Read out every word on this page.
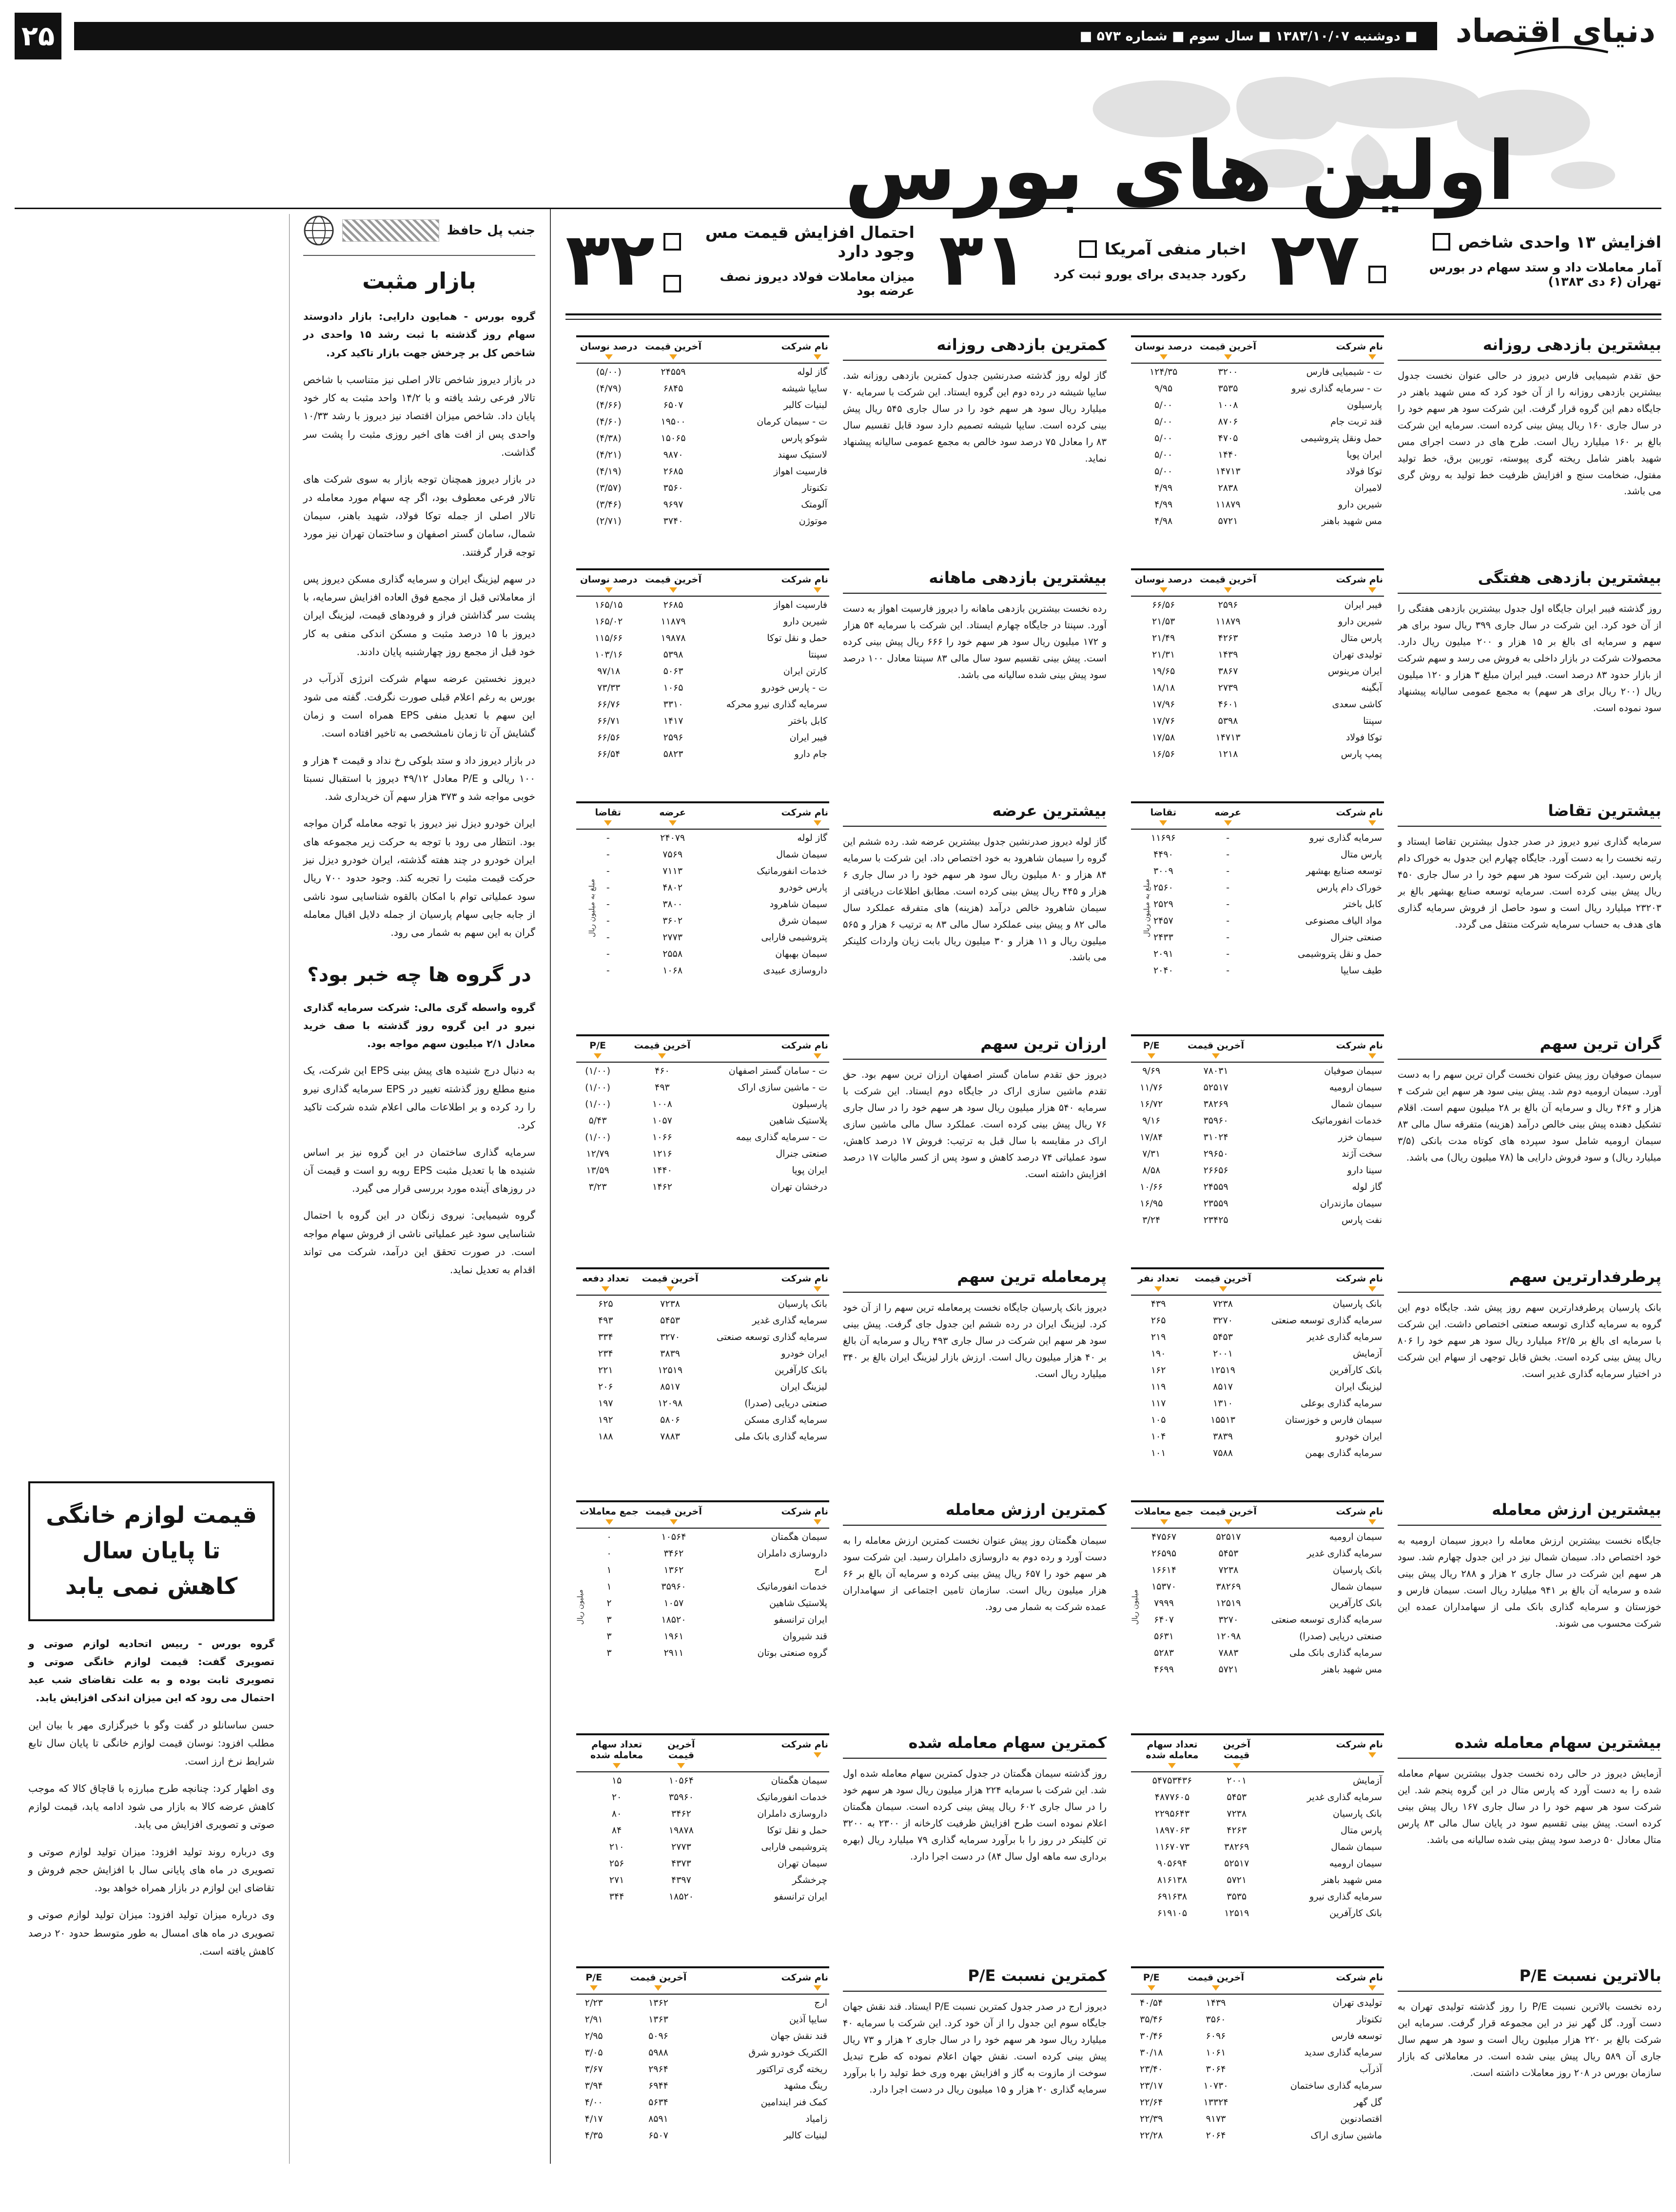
دنیای اقتصاد
■ دوشنبه ۱۳۸۳/۱۰/۰۷ ■ سال سوم ■ شماره ۵۷۳ ■
۲۵
اولین های بورس
افزایش ۱۳ واحدی شاخص
آمار معاملات داد و ستد سهام در بورس تهران (۶ دی ۱۳۸۳)
۲۷
اخبار منفی آمریکا
رکورد جدیدی برای یورو ثبت کرد
۳۱
احتمال افزایش قیمت مس وجود دارد
میزان معاملات فولاد دیروز نصف عرضه بود
۳۲
بیشترین بازدهی روزانه
حق تقدم شیمیایی فارس دیروز در حالی عنوان نخست جدول بیشترین بازدهی روزانه را از آن خود کرد که مس شهید باهنر در جایگاه دهم این گروه قرار گرفت. این شرکت سود هر سهم خود را در سال جاری ۱۶۰ ریال پیش بینی کرده است. سرمایه این شرکت بالغ بر ۱۶۰ میلیارد ریال است. طرح های در دست اجرای مس شهید باهنر شامل ریخته گری پیوسته، توربین برق، خط تولید مفتول، ضخامت سنج و افزایش ظرفیت خط تولید به روش گری می باشد.
نام شرکت	آخرین قیمت	درصد نوسان

ت - شیمیایی فارس	۳۲۰۰	۱۲۴/۳۵
ت - سرمایه گذاری نیرو	۳۵۳۵	۹/۹۵
پارسیلون	۱۰۰۸	۵/۰۰
قند تربت جام	۸۷۰۶	۵/۰۰
حمل ونقل پتروشیمی	۴۷۰۵	۵/۰۰
ایران پویا	۱۴۴۰	۵/۰۰
توکا فولاد	۱۴۷۱۳	۵/۰۰
لامیران	۲۸۳۸	۴/۹۹
شیرین دارو	۱۱۸۷۹	۴/۹۹
مس شهید باهنر	۵۷۲۱	۴/۹۸
کمترین بازدهی روزانه
گاز لوله روز گذشته صدرنشین جدول کمترین بازدهی روزانه شد. سایپا شیشه در رده دوم این گروه ایستاد. این شرکت با سرمایه ۷۰ میلیارد ریال سود هر سهم خود را در سال جاری ۵۴۵ ریال پیش بینی کرده است. سایپا شیشه تصمیم دارد سود قابل تقسیم سال ۸۳ را معادل ۷۵ درصد سود خالص به مجمع عمومی سالیانه پیشنهاد نماید.
نام شرکت	آخرین قیمت	درصد نوسان

گاز لوله	۲۴۵۵۹	(۵/۰۰)
سایپا شیشه	۶۸۴۵	(۴/۷۹)
لبنیات کالبر	۶۵۰۷	(۴/۶۶)
ت - سیمان کرمان	۱۹۵۰۰	(۴/۶۰)
شوکو پارس	۱۵۰۶۵	(۴/۳۸)
لاستیک سهند	۹۸۷۰	(۴/۲۱)
فارسیت اهواز	۲۶۸۵	(۴/۱۹)
تکنوتار	۳۵۶۰	(۳/۵۷)
آلومتک	۹۶۹۷	(۳/۴۶)
موتوژن	۳۷۴۰	(۲/۷۱)
بیشترین بازدهی هفتگی
روز گذشته فیبر ایران جایگاه اول جدول بیشترین بازدهی هفتگی را از آن خود کرد. این شرکت در سال جاری ۳۹۹ ریال سود برای هر سهم و سرمایه ای بالغ بر ۱۵ هزار و ۲۰۰ میلیون ریال دارد. محصولات شرکت در بازار داخلی به فروش می رسد و سهم شرکت از بازار حدود ۸۳ درصد است. فیبر ایران مبلغ ۳ هزار و ۱۲۰ میلیون ریال (۲۰۰ ریال برای هر سهم) به مجمع عمومی سالیانه پیشنهاد سود نموده است.
نام شرکت	آخرین قیمت	درصد نوسان

فیبر ایران	۲۵۹۶	۶۶/۵۶
شیرین دارو	۱۱۸۷۹	۲۱/۵۳
پارس متال	۴۲۶۳	۲۱/۴۹
تولیدی تهران	۱۴۳۹	۲۱/۳۱
ایران مرینوس	۳۸۶۷	۱۹/۶۵
آبگینه	۲۷۳۹	۱۸/۱۸
کاشی سعدی	۴۶۰۱	۱۷/۹۶
سپنتا	۵۳۹۸	۱۷/۷۶
توکا فولاد	۱۴۷۱۳	۱۷/۵۸
پمپ پارس	۱۲۱۸	۱۶/۵۶
بیشترین بازدهی ماهانه
رده نخست بیشترین بازدهی ماهانه را دیروز فارسیت اهواز به دست آورد. سپنتا در جایگاه چهارم ایستاد. این شرکت با سرمایه ۵۴ هزار و ۱۷۲ میلیون ریال سود هر سهم خود را ۶۶۶ ریال پیش بینی کرده است. پیش بینی تقسیم سود سال مالی ۸۳ سپنتا معادل ۱۰۰ درصد سود پیش بینی شده سالیانه می باشد.
نام شرکت	آخرین قیمت	درصد نوسان

فارسیت اهواز	۲۶۸۵	۱۶۵/۱۵
شیرین دارو	۱۱۸۷۹	۱۶۵/۰۲
حمل و نقل توکا	۱۹۸۷۸	۱۱۵/۶۶
سپنتا	۵۳۹۸	۱۰۳/۱۶
کارتن ایران	۵۰۶۳	۹۷/۱۸
ت - پارس خودرو	۱۰۶۵	۷۳/۳۳
سرمایه گذاری نیرو محرکه	۳۳۱۰	۶۶/۷۶
کابل باختر	۱۴۱۷	۶۶/۷۱
فیبر ایران	۲۵۹۶	۶۶/۵۶
جام دارو	۵۸۲۳	۶۶/۵۴
بیشترین تقاضا
سرمایه گذاری نیرو دیروز در صدر جدول بیشترین تقاضا ایستاد و رتبه نخست را به دست آورد. جایگاه چهارم این جدول به خوراک دام پارس رسید. این شرکت سود هر سهم خود را در سال جاری ۴۵۰ ریال پیش بینی کرده است. سرمایه توسعه صنایع بهشهر بالغ بر ۲۳۲۰۳ میلیارد ریال است و سود حاصل از فروش سرمایه گذاری های هدف به حساب سرمایه شرکت منتقل می گردد.
نام شرکت	عرضه	تقاضا

سرمایه گذاری نیرو	-	۱۱۶۹۶
پارس متال	-	۴۴۹۰
توسعه صنایع بهشهر	-	۳۰۰۹
خوراک دام پارس	-	۲۵۶۰
کابل باختر	-	۲۵۲۹
مواد الیاف مصنوعی	-	۲۴۵۷
صنعتی جنرال	-	۲۴۳۳
حمل و نقل پتروشیمی	-	۲۰۹۱
طیف سایپا	-	۲۰۴۰
مبلغ به میلیون ریال
بیشترین عرضه
گاز لوله دیروز صدرنشین جدول بیشترین عرضه شد. رده ششم این گروه را سیمان شاهرود به خود اختصاص داد. این شرکت با سرمایه ۸۴ هزار و ۸۰ میلیون ریال سود هر سهم خود را در سال جاری ۶ هزار و ۴۴۵ ریال پیش بینی کرده است. مطابق اطلاعات دریافتی از سیمان شاهرود خالص درآمد (هزینه) های متفرقه عملکرد سال مالی ۸۲ و پیش بینی عملکرد سال مالی ۸۳ به ترتیب ۶ هزار و ۵۶۵ میلیون ریال و ۱۱ هزار و ۳۰ میلیون ریال بابت زیان واردات کلینکر می باشد.
نام شرکت	عرضه	تقاضا

گاز لوله	۲۴۰۷۹	-
سیمان شمال	۷۵۶۹	-
خدمات انفورماتیک	۷۱۱۳	-
پارس خودرو	۴۸۰۲	-
سیمان شاهرود	۳۸۰۰	-
سیمان شرق	۳۶۰۲	-
پتروشیمی فارابی	۲۷۷۳	-
سیمان بهبهان	۲۵۵۸	-
داروسازی عبیدی	۱۰۶۸	-
مبلغ به میلیون ریال
گران ترین سهم
سیمان صوفیان روز پیش عنوان نخست گران ترین سهم را به دست آورد. سیمان ارومیه دوم شد. پیش بینی سود هر سهم این شرکت ۴ هزار و ۴۶۴ ریال و سرمایه آن بالغ بر ۲۸ میلیون سهم است. اقلام تشکیل دهنده پیش بینی خالص درآمد (هزینه) متفرقه سال مالی ۸۳ سیمان ارومیه شامل سود سپرده های کوتاه مدت بانکی (۳/۵ میلیارد ریال) و سود فروش دارایی ها (۷۸ میلیون ریال) می باشد.
نام شرکت	آخرین قیمت	P/E

سیمان صوفیان	۷۸۰۳۱	۹/۶۹
سیمان ارومیه	۵۲۵۱۷	۱۱/۷۶
سیمان شمال	۳۸۲۶۹	۱۶/۷۲
خدمات انفورماتیک	۳۵۹۶۰	۹/۱۶
سیمان خزر	۳۱۰۲۴	۱۷/۸۴
سخت آژند	۲۹۶۵۰	۷/۳۱
سینا دارو	۲۶۶۵۶	۸/۵۸
گاز لوله	۲۴۵۵۹	۱۰/۶۶
سیمان مازندران	۲۳۵۵۹	۱۶/۹۵
نفت پارس	۲۳۴۲۵	۳/۲۴
ارزان ترین سهم
دیروز حق تقدم سامان گستر اصفهان ارزان ترین سهم بود. حق تقدم ماشین سازی اراک در جایگاه دوم ایستاد. این شرکت با سرمایه ۵۴۰ هزار میلیون ریال سود هر سهم خود را در سال جاری ۷۶ ریال پیش بینی کرده است. عملکرد سال مالی ماشین سازی اراک در مقایسه با سال قبل به ترتیب: فروش ۱۷ درصد کاهش، سود عملیاتی ۷۴ درصد کاهش و سود پس از کسر مالیات ۱۷ درصد افزایش داشته است.
نام شرکت	آخرین قیمت	P/E

ت - سامان گستر اصفهان	۴۶۰	(۱/۰۰)
ت - ماشین سازی اراک	۴۹۳	(۱/۰۰)
پارسیلون	۱۰۰۸	(۱/۰۰)
پلاستیک شاهین	۱۰۵۷	۵/۴۳
ت - سرمایه گذاری بیمه	۱۰۶۶	(۱/۰۰)
صنعتی جنرال	۱۲۱۶	۱۲/۷۹
ایران پویا	۱۴۴۰	۱۳/۵۹
درخشان تهران	۱۴۶۲	۳/۲۳
پرطرفدارترین سهم
بانک پارسیان پرطرفدارترین سهم روز پیش شد. جایگاه دوم این گروه به سرمایه گذاری توسعه صنعتی اختصاص داشت. این شرکت با سرمایه ای بالغ بر ۶۲/۵ میلیارد ریال سود هر سهم خود را ۸۰۶ ریال پیش بینی کرده است. بخش قابل توجهی از سهام این شرکت در اختیار سرمایه گذاری غدیر است.
نام شرکت	آخرین قیمت	تعداد نفر

بانک پارسیان	۷۲۳۸	۴۳۹
سرمایه گذاری توسعه صنعتی	۳۲۷۰	۲۶۵
سرمایه گذاری غدیر	۵۴۵۳	۲۱۹
آزمایش	۲۰۰۱	۱۹۰
بانک کارآفرین	۱۲۵۱۹	۱۶۲
لیزینگ ایران	۸۵۱۷	۱۱۹
سرمایه گذاری بوعلی	۱۳۱۰	۱۱۷
سیمان فارس و خوزستان	۱۵۵۱۳	۱۰۵
ایران خودرو	۳۸۳۹	۱۰۴
سرمایه گذاری بهمن	۷۵۸۸	۱۰۱
پرمعامله ترین سهم
دیروز بانک پارسیان جایگاه نخست پرمعامله ترین سهم را از آن خود کرد. لیزینگ ایران در رده ششم این جدول جای گرفت. پیش بینی سود هر سهم این شرکت در سال جاری ۴۹۳ ریال و سرمایه آن بالغ بر ۴۰ هزار میلیون ریال است. ارزش بازار لیزینگ ایران بالغ بر ۳۴۰ میلیارد ریال است.
نام شرکت	آخرین قیمت	تعداد دفعه

بانک پارسیان	۷۲۳۸	۶۲۵
سرمایه گذاری غدیر	۵۴۵۳	۴۹۳
سرمایه گذاری توسعه صنعتی	۳۲۷۰	۳۳۴
ایران خودرو	۳۸۳۹	۲۳۴
بانک کارآفرین	۱۲۵۱۹	۲۲۱
لیزینگ ایران	۸۵۱۷	۲۰۶
صنعتی دریایی (صدرا)	۱۲۰۹۸	۱۹۷
سرمایه گذاری مسکن	۵۸۰۶	۱۹۲
سرمایه گذاری بانک ملی	۷۸۸۳	۱۸۸
بیشترین ارزش معامله
جایگاه نخست بیشترین ارزش معامله را دیروز سیمان ارومیه به خود اختصاص داد. سیمان شمال نیز در این جدول چهارم شد. سود هر سهم این شرکت در سال جاری ۲ هزار و ۲۸۸ ریال پیش بینی شده و سرمایه آن بالغ بر ۹۴۱ میلیارد ریال است. سیمان فارس و خوزستان و سرمایه گذاری بانک ملی از سهامداران عمده این شرکت محسوب می شوند.
نام شرکت	آخرین قیمت	جمع معاملات

سیمان ارومیه	۵۲۵۱۷	۴۷۵۶۷
سرمایه گذاری غدیر	۵۴۵۳	۲۶۵۹۵
بانک پارسیان	۷۲۳۸	۱۶۶۱۴
سیمان شمال	۳۸۲۶۹	۱۵۳۷۰
بانک کارآفرین	۱۲۵۱۹	۷۹۹۹
سرمایه گذاری توسعه صنعتی	۳۲۷۰	۶۴۰۷
صنعتی دریایی (صدرا)	۱۲۰۹۸	۵۶۳۱
سرمایه گذاری بانک ملی	۷۸۸۳	۵۲۸۳
مس شهید باهنر	۵۷۲۱	۴۶۹۹
میلیون ریال
کمترین ارزش معامله
سیمان هگمتان روز پیش عنوان نخست کمترین ارزش معامله را به دست آورد و رده دوم به داروسازی داملران رسید. این شرکت سود هر سهم خود را ۶۵۷ ریال پیش بینی کرده و سرمایه آن بالغ بر ۶۶ هزار میلیون ریال است. سازمان تامین اجتماعی از سهامداران عمده شرکت به شمار می رود.
نام شرکت	آخرین قیمت	جمع معاملات

سیمان هگمتان	۱۰۵۶۴	۰
داروسازی داملران	۳۴۶۲	۰
ارج	۱۳۶۲	۱
خدمات انفورماتیک	۳۵۹۶۰	۱
پلاستیک شاهین	۱۰۵۷	۲
ایران ترانسفو	۱۸۵۲۰	۳
قند شیروان	۱۹۶۱	۳
گروه صنعتی بوتان	۲۹۱۱	۳
میلیون ریال
بیشترین سهام معامله شده
آزمایش دیروز در حالی رده نخست جدول بیشترین سهام معامله شده را به دست آورد که پارس متال در این گروه پنجم شد. این شرکت سود هر سهم خود را در سال جاری ۱۶۷ ریال پیش بینی کرده است. پیش بینی تقسیم سود در پایان سال مالی ۸۳ پارس متال معادل ۵۰ درصد سود پیش بینی شده سالیانه می باشد.
نام شرکت	آخرین قیمت	تعداد سهام معامله شده

آزمایش	۲۰۰۱	۵۴۷۵۳۴۳۶
سرمایه گذاری غدیر	۵۴۵۳	۴۸۷۷۶۰۵
بانک پارسیان	۷۲۳۸	۲۲۹۵۶۴۳
پارس متال	۴۲۶۳	۱۸۹۷۰۶۳
سیمان شمال	۳۸۲۶۹	۱۱۶۷۰۷۳
سیمان ارومیه	۵۲۵۱۷	۹۰۵۶۹۴
مس شهید باهنر	۵۷۲۱	۸۱۶۱۳۸
سرمایه گذاری نیرو	۳۵۳۵	۶۹۱۶۳۸
بانک کارآفرین	۱۲۵۱۹	۶۱۹۱۰۵
کمترین سهام معامله شده
روز گذشته سیمان هگمتان در جدول کمترین سهام معامله شده اول شد. این شرکت با سرمایه ۲۲۴ هزار میلیون ریال سود هر سهم خود را در سال جاری ۶۰۲ ریال پیش بینی کرده است. سیمان هگمتان اعلام نموده است طرح افزایش ظرفیت کارخانه از ۲۳۰۰ به ۳۲۰۰ تن کلینکر در روز را با برآورد سرمایه گذاری ۷۹ میلیارد ریال (بهره برداری سه ماهه اول سال ۸۴) در دست اجرا دارد.
نام شرکت	آخرین قیمت	تعداد سهام معامله شده

سیمان هگمتان	۱۰۵۶۴	۱۵
خدمات انفورماتیک	۳۵۹۶۰	۲۰
داروسازی داملران	۳۴۶۲	۸۰
حمل و نقل توکا	۱۹۸۷۸	۸۴
پتروشیمی فارابی	۲۷۷۳	۲۱۰
سیمان تهران	۴۳۷۳	۲۵۶
چرخشگر	۴۳۹۷	۲۷۱
ایران ترانسفو	۱۸۵۲۰	۳۴۴
بالاترین نسبت P/E
رده نخست بالاترین نسبت P/E را روز گذشته تولیدی تهران به دست آورد. گل گهر نیز در این مجموعه قرار گرفت. سرمایه این شرکت بالغ بر ۲۲۰ هزار میلیون ریال است و سود هر سهم سال جاری آن ۵۸۹ ریال پیش بینی شده است. در معاملاتی که بازار سازمان بورس در ۲۰۸ روز معاملات داشته است.
نام شرکت	آخرین قیمت	P/E

تولیدی تهران	۱۴۳۹	۴۰/۵۴
تکنوتار	۳۵۶۰	۳۵/۴۶
توسعه فارس	۶۰۹۶	۳۰/۴۶
سرمایه گذاری سدید	۱۰۶۱	۳۰/۱۸
آذرآب	۳۰۶۴	۲۳/۴۰
سرمایه گذاری ساختمان	۱۰۷۳۰	۲۳/۱۷
گل گهر	۱۳۳۲۴	۲۲/۶۴
اقتصادنوین	۹۱۷۳	۲۲/۳۹
ماشین سازی اراک	۲۰۶۴	۲۲/۲۸
کمترین نسبت P/E
دیروز ارج در صدر جدول کمترین نسبت P/E ایستاد. قند نقش جهان جایگاه سوم این جدول را از آن خود کرد. این شرکت با سرمایه ۴۰ میلیارد ریال سود هر سهم خود را در سال جاری ۲ هزار و ۷۳ ریال پیش بینی کرده است. نقش جهان اعلام نموده که طرح تبدیل سوخت از مازوت به گاز و افزایش بهره وری خط تولید را با برآورد سرمایه گذاری ۲۰ هزار و ۱۵ میلیون ریال در دست اجرا دارد.
نام شرکت	آخرین قیمت	P/E

ارج	۱۳۶۲	۲/۲۳
سایپا آذین	۱۳۶۳	۲/۹۱
قند نقش جهان	۵۰۹۶	۲/۹۵
الکتریک خودرو شرق	۵۹۸۸	۳/۰۵
ریخته گری تراکتور	۲۹۶۴	۳/۶۷
رینگ مشهد	۶۹۴۴	۳/۹۴
کمک فنر ایندامین	۵۶۳۴	۴/۰۰
زامیاد	۸۵۹۱	۴/۱۷
لبنیات کالبر	۶۵۰۷	۴/۳۵
جنب پل حافظ
بازار مثبت

گروه بورس - همایون دارایی: بازار دادوستد سهام روز گذشته با ثبت رشد ۱۵ واحدی در شاخص کل بر چرخش جهت بازار تاکید کرد.

در بازار دیروز شاخص تالار اصلی نیز متناسب با شاخص تالار فرعی رشد یافته و با ۱۴/۲ واحد مثبت به کار خود پایان داد. شاخص میزان اقتصاد نیز دیروز با رشد ۱۰/۳۳ واحدی پس از افت های اخیر روزی مثبت را پشت سر گذاشت.

در بازار دیروز همچنان توجه بازار به سوی شرکت های تالار فرعی معطوف بود، اگر چه سهام مورد معامله در تالار اصلی از جمله توکا فولاد، شهید باهنر، سیمان شمال، سامان گستر اصفهان و ساختمان تهران نیز مورد توجه قرار گرفتند.

در سهم لیزینگ ایران و سرمایه گذاری مسکن دیروز پس از معاملاتی قبل از مجمع فوق العاده افزایش سرمایه، با پشت سر گذاشتن فراز و فرودهای قیمت، لیزینگ ایران دیروز با ۱۵ درصد مثبت و مسکن اندکی منفی به کار خود قبل از مجمع روز چهارشنبه پایان دادند.

دیروز نخستین عرضه سهام شرکت انرژی آذرآب در بورس به رغم اعلام قبلی صورت نگرفت. گفته می شود این سهم با تعدیل منفی EPS همراه است و زمان گشایش آن تا زمان نامشخصی به تاخیر افتاده است.

در بازار دیروز داد و ستد بلوکی رخ نداد و قیمت ۴ هزار و ۱۰۰ ریالی و P/E معادل ۴۹/۱۲ دیروز با استقبال نسبتا خوبی مواجه شد و ۳۷۳ هزار سهم آن خریداری شد.

ایران خودرو دیزل نیز دیروز با توجه معامله گران مواجه بود. انتظار می رود با توجه به حرکت زیر مجموعه های ایران خودرو در چند هفته گذشته، ایران خودرو دیزل نیز حرکت قیمت مثبت را تجربه کند. وجود حدود ۷۰۰ ریال سود عملیاتی توام با امکان بالقوه شناسایی سود ناشی از جابه جایی سهام پارسیان از جمله دلایل اقبال معامله گران به این سهم به شمار می رود.

در گروه ها چه خبر بود؟

گروه واسطه گری مالی: شرکت سرمایه گذاری نیرو در این گروه روز گذشته با صف خرید معادل ۲/۱ میلیون سهم مواجه بود.

به دنبال درج شنیده های پیش بینی EPS این شرکت، یک منبع مطلع روز گذشته تغییر در EPS سرمایه گذاری نیرو را رد کرده و بر اطلاعات مالی اعلام شده شرکت تاکید کرد.

سرمایه گذاری ساختمان در این گروه نیز بر اساس شنیده ها با تعدیل مثبت EPS روبه رو است و قیمت آن در روزهای آینده مورد بررسی قرار می گیرد.

گروه شیمیایی: نیروی زنگان در این گروه با احتمال شناسایی سود غیر عملیاتی ناشی از فروش سهام مواجه است. در صورت تحقق این درآمد، شرکت می تواند اقدام به تعدیل نماید.

قیمت لوازم خانگی

تا پایان سال

کاهش نمی یابد

گروه بورس - رییس اتحادیه لوازم صوتی و تصویری گفت: قیمت لوازم خانگی صوتی و تصویری ثابت بوده و به علت تقاضای شب عید احتمال می رود که این میزان اندکی افزایش یابد.

حسن ساسانلو در گفت وگو با خبرگزاری مهر با بیان این مطلب افزود: نوسان قیمت لوازم خانگی تا پایان سال تابع شرایط نرخ ارز است.

وی اظهار کرد: چنانچه طرح مبارزه با قاچاق کالا که موجب کاهش عرضه کالا به بازار می شود ادامه یابد، قیمت لوازم صوتی و تصویری افزایش می یابد.

وی درباره روند تولید افزود: میزان تولید لوازم صوتی و تصویری در ماه های پایانی سال با افزایش حجم فروش و تقاضای این لوازم در بازار همراه خواهد بود.

وی درباره میزان تولید افزود: میزان تولید لوازم صوتی و تصویری در ماه های امسال به طور متوسط حدود ۲۰ درصد کاهش یافته است.
